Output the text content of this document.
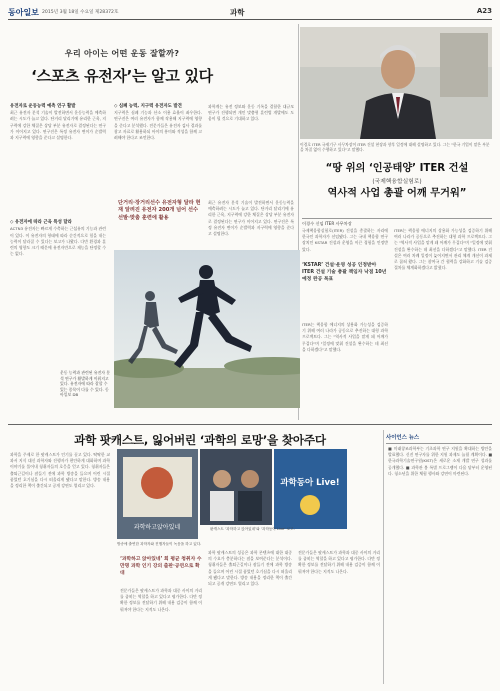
동아일보 2015년 3월 18일 수요일 제28372호	과학	A23
우리 아이는 어떤 운동 잘할까?
‘스포츠 유전자’는 알고 있다
유전자로 운동능력 예측 연구 활발
최근 유전자 분석 기술이 발전하면서 운동능력을 예측하려는 시도가 늘고 있다. 단거리 달리기에 유리한 근육, 지구력에 강한 체질은 상당 부분 유전자로 결정된다는 연구가 이어지고 있다. 연구진은 특정 유전자 변이가 순발력과 지구력에 영향을 준다고 설명한다.
◇ 유전자에 따라 근육 특성 달라
ACTN3 유전자는 빠르게 수축하는 근섬유의 기능과 관련이 있다. 이 유전자의 형태에 따라 순간적으로 힘을 내는 능력이 달라질 수 있다는 보고가 나왔다. 다만 환경과 훈련의 영향도 크기 때문에 유전자만으로 재능을 단정할 수는 없다.
◇ 심폐 능력, 지구력 유전자도 발견
지구력은 심폐 기능과 산소 이용 효율이 좌우한다. 연구진은 여러 유전자가 함께 작용해 지구력에 영향을 준다고 분석했다. 전문가들은 유전자 검사 결과를 참고 자료로 활용하되 아이의 흥미와 적성을 함께 고려해야 한다고 조언한다.
과학계는 유전 정보와 운동 기록을 결합한 대규모 연구가 진행되면 개인 맞춤형 훈련법 개발에도 도움이 될 것으로 기대하고 있다.
단거리·장거리선수 유전자형 달라 현재 알려진 유전자 200개 넘어 선수 선발·맞춤 훈련에 활용
최근 유전자 분석 기술이 발전하면서 운동능력을 예측하려는 시도가 늘고 있다. 단거리 달리기에 유리한 근육, 지구력에 강한 체질은 상당 부분 유전자로 결정된다는 연구가 이어지고 있다. 연구진은 특정 유전자 변이가 순발력과 지구력에 영향을 준다고 설명한다.
운동 능력과 관련된 유전자 분석 연구가 활발하게 이뤄지고 있다. 유전자에 따라 잘할 수 있는 종목이 다를 수 있다. 동아일보 DB
이경호 ITER 국제기구 사무차장이 ITER 건설 현장과 향후 일정에 대해 설명하고 있다. 그는 "한국 기업이 맡은 부분을 차질 없이 수행하고 있다"고 말했다.
“땅 위의 ‘인공태양’ ITER 건설
(국제핵융합실험로)
역사적 사업 총괄 어깨 무거워”
이경수 신임 ITER 사무차장
국제핵융합실험로(ITER) 건설을 총괄하는 자리에 한국인 과학자가 선임됐다. 그는 국내 핵융합 연구장치인 KSTAR 건설과 운영을 이끈 경험을 인정받았다.
‘KSTAR’ 건설·운영 성공 인정받아 ITER 건설 기술 총괄 책임자 낙점 10년 예정 완공 목표
ITER는 핵융합 에너지의 상용화 가능성을 검증하기 위해 여러 나라가 공동으로 추진하는 대형 과학 프로젝트다. 그는 "역사적 사업을 맡게 돼 어깨가 무겁다"며 "일정에 맞춰 건설을 완수하는 데 최선을 다하겠다"고 말했다.
ITER는 핵융합 에너지의 상용화 가능성을 검증하기 위해 여러 나라가 공동으로 추진하는 대형 과학 프로젝트다. 그는 "역사적 사업을 맡게 돼 어깨가 무겁다"며 "일정에 맞춰 건설을 완수하는 데 최선을 다하겠다"고 말했다. ITER 건설은 여러 차례 일정이 늦어지면서 관리 체계 개선이 과제로 꼽혀 왔다. 그는 참여국 간 협력을 강화하고 기술 검증 절차를 체계화하겠다고 밝혔다.
과학 팟캐스트, 잃어버린 ‘과학의 로망’을 찾아주다
과학을 주제로 한 팟캐스트가 인기를 끌고 있다. 딱딱한 교과서 지식 대신 과학자와 진행자가 편안하게 대화하며 과학 이야기를 풀어내 청취자들의 호응을 얻고 있다. 청취자들은 출퇴근길이나 잠들기 전에 과학 방송을 들으며 어린 시절 품었던 호기심을 다시 떠올리게 됐다고 말한다. 방송 내용을 정리한 책이 출간되고 공개 강연도 열리고 있다.
과학하고앉아있네
과학동아 Live!
팟캐스트 ‘과학하고 앉아있네’와 ‘과학동아 Live’ 로고.
방송에 출연한 과학자와 진행자들이 녹음을 하고 있다.
‘과학하고 앉아있네’ 회 평균 청취자 수만명 과학 인기 강의 출판·공연으로 확대
전문가들은 팟캐스트가 과학과 대중 사이의 거리를 좁히는 역할을 하고 있다고 평가한다. 다만 정확한 정보를 전달하기 위해 내용 검증이 함께 이뤄져야 한다는 지적도 나온다.
과학 팟캐스트의 성공은 과학 콘텐츠에 대한 대중의 수요가 충분하다는 점을 보여준다는 분석이다. 청취자들은 출퇴근길이나 잠들기 전에 과학 방송을 들으며 어린 시절 품었던 호기심을 다시 떠올리게 됐다고 말한다. 방송 내용을 정리한 책이 출간되고 공개 강연도 열리고 있다.
전문가들은 팟캐스트가 과학과 대중 사이의 거리를 좁히는 역할을 하고 있다고 평가한다. 다만 정확한 정보를 전달하기 위해 내용 검증이 함께 이뤄져야 한다는 지적도 나온다.
사이언스 뉴스
■ 미래창조과학부는 기초과학 연구 지원을 확대하는 방안을 발표했다. 신진 연구자를 위한 지원 과제도 늘릴 계획이다. ■ 한국과학기술연구원(KIST)은 새로운 소재 개발 연구 성과를 공개했다. ■ 과학관 봄 특별 프로그램이 다음 달부터 운영된다. 청소년을 위한 체험 행사와 강연이 마련된다.
